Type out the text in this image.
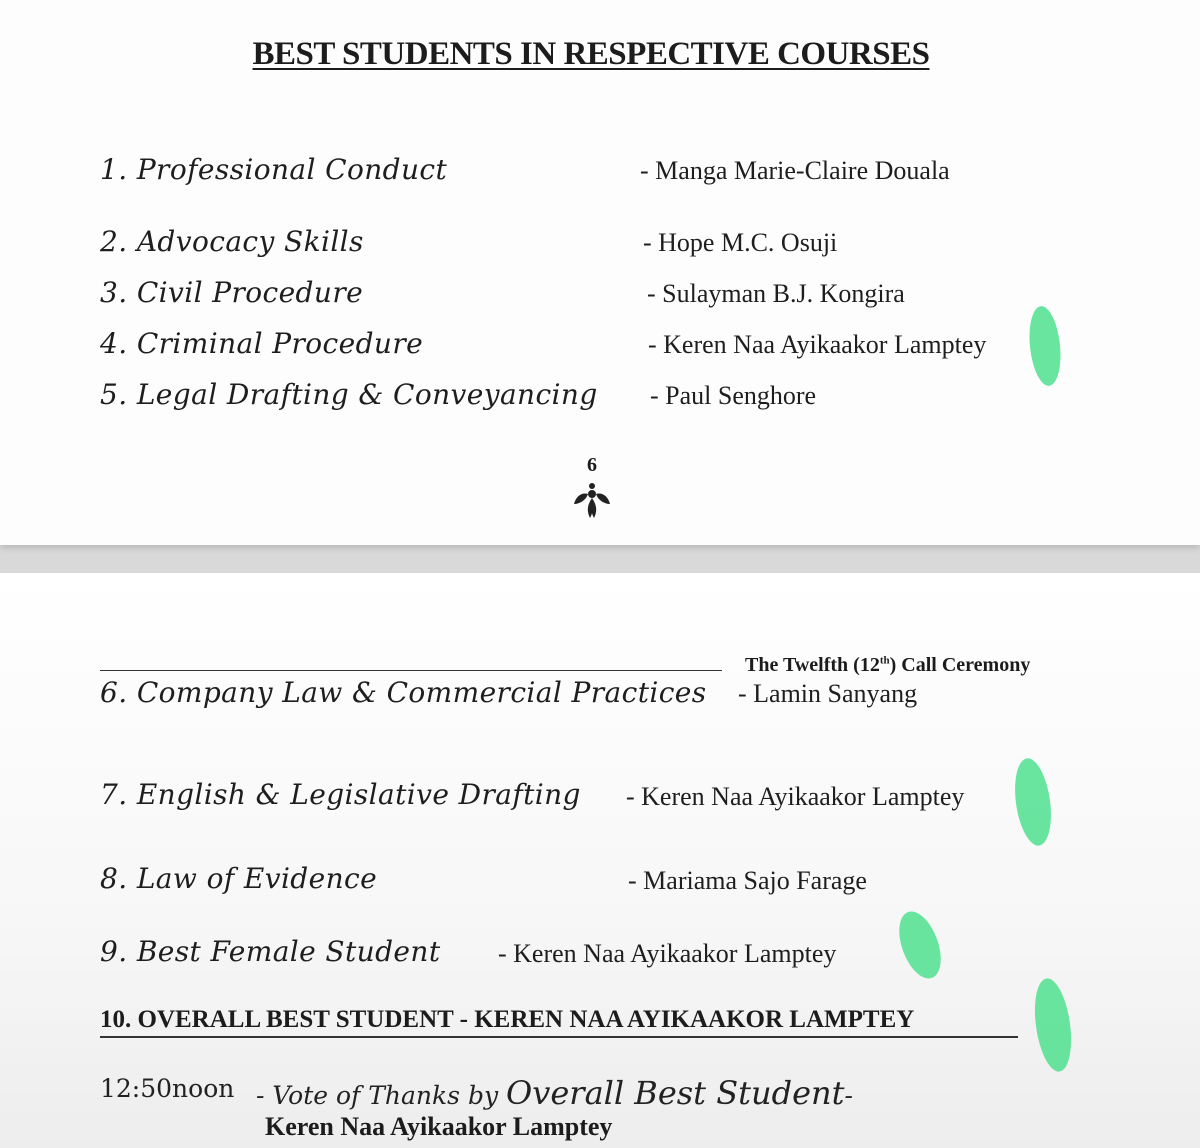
BEST STUDENTS IN RESPECTIVE COURSES
1. Professional Conduct	- Manga Marie-Claire Douala
2. Advocacy Skills	- Hope M.C. Osuji
3. Civil Procedure	- Sulayman B.J. Kongira
4. Criminal Procedure	- Keren Naa Ayikaakor Lamptey
5. Legal Drafting & Conveyancing - Paul Senghore
6
The Twelfth (12th) Call Ceremony
6. Company Law & Commercial Practices - Lamin Sanyang
7. English & Legislative Drafting - Keren Naa Ayikaakor Lamptey
8. Law of Evidence	- Mariama Sajo Farage
9. Best Female Student - Keren Naa Ayikaakor Lamptey
10. OVERALL BEST STUDENT - KEREN NAA AYIKAAKOR LAMPTEY
12:50noon - Vote of Thanks by Overall Best Student-
Keren Naa Ayikaakor Lamptey
